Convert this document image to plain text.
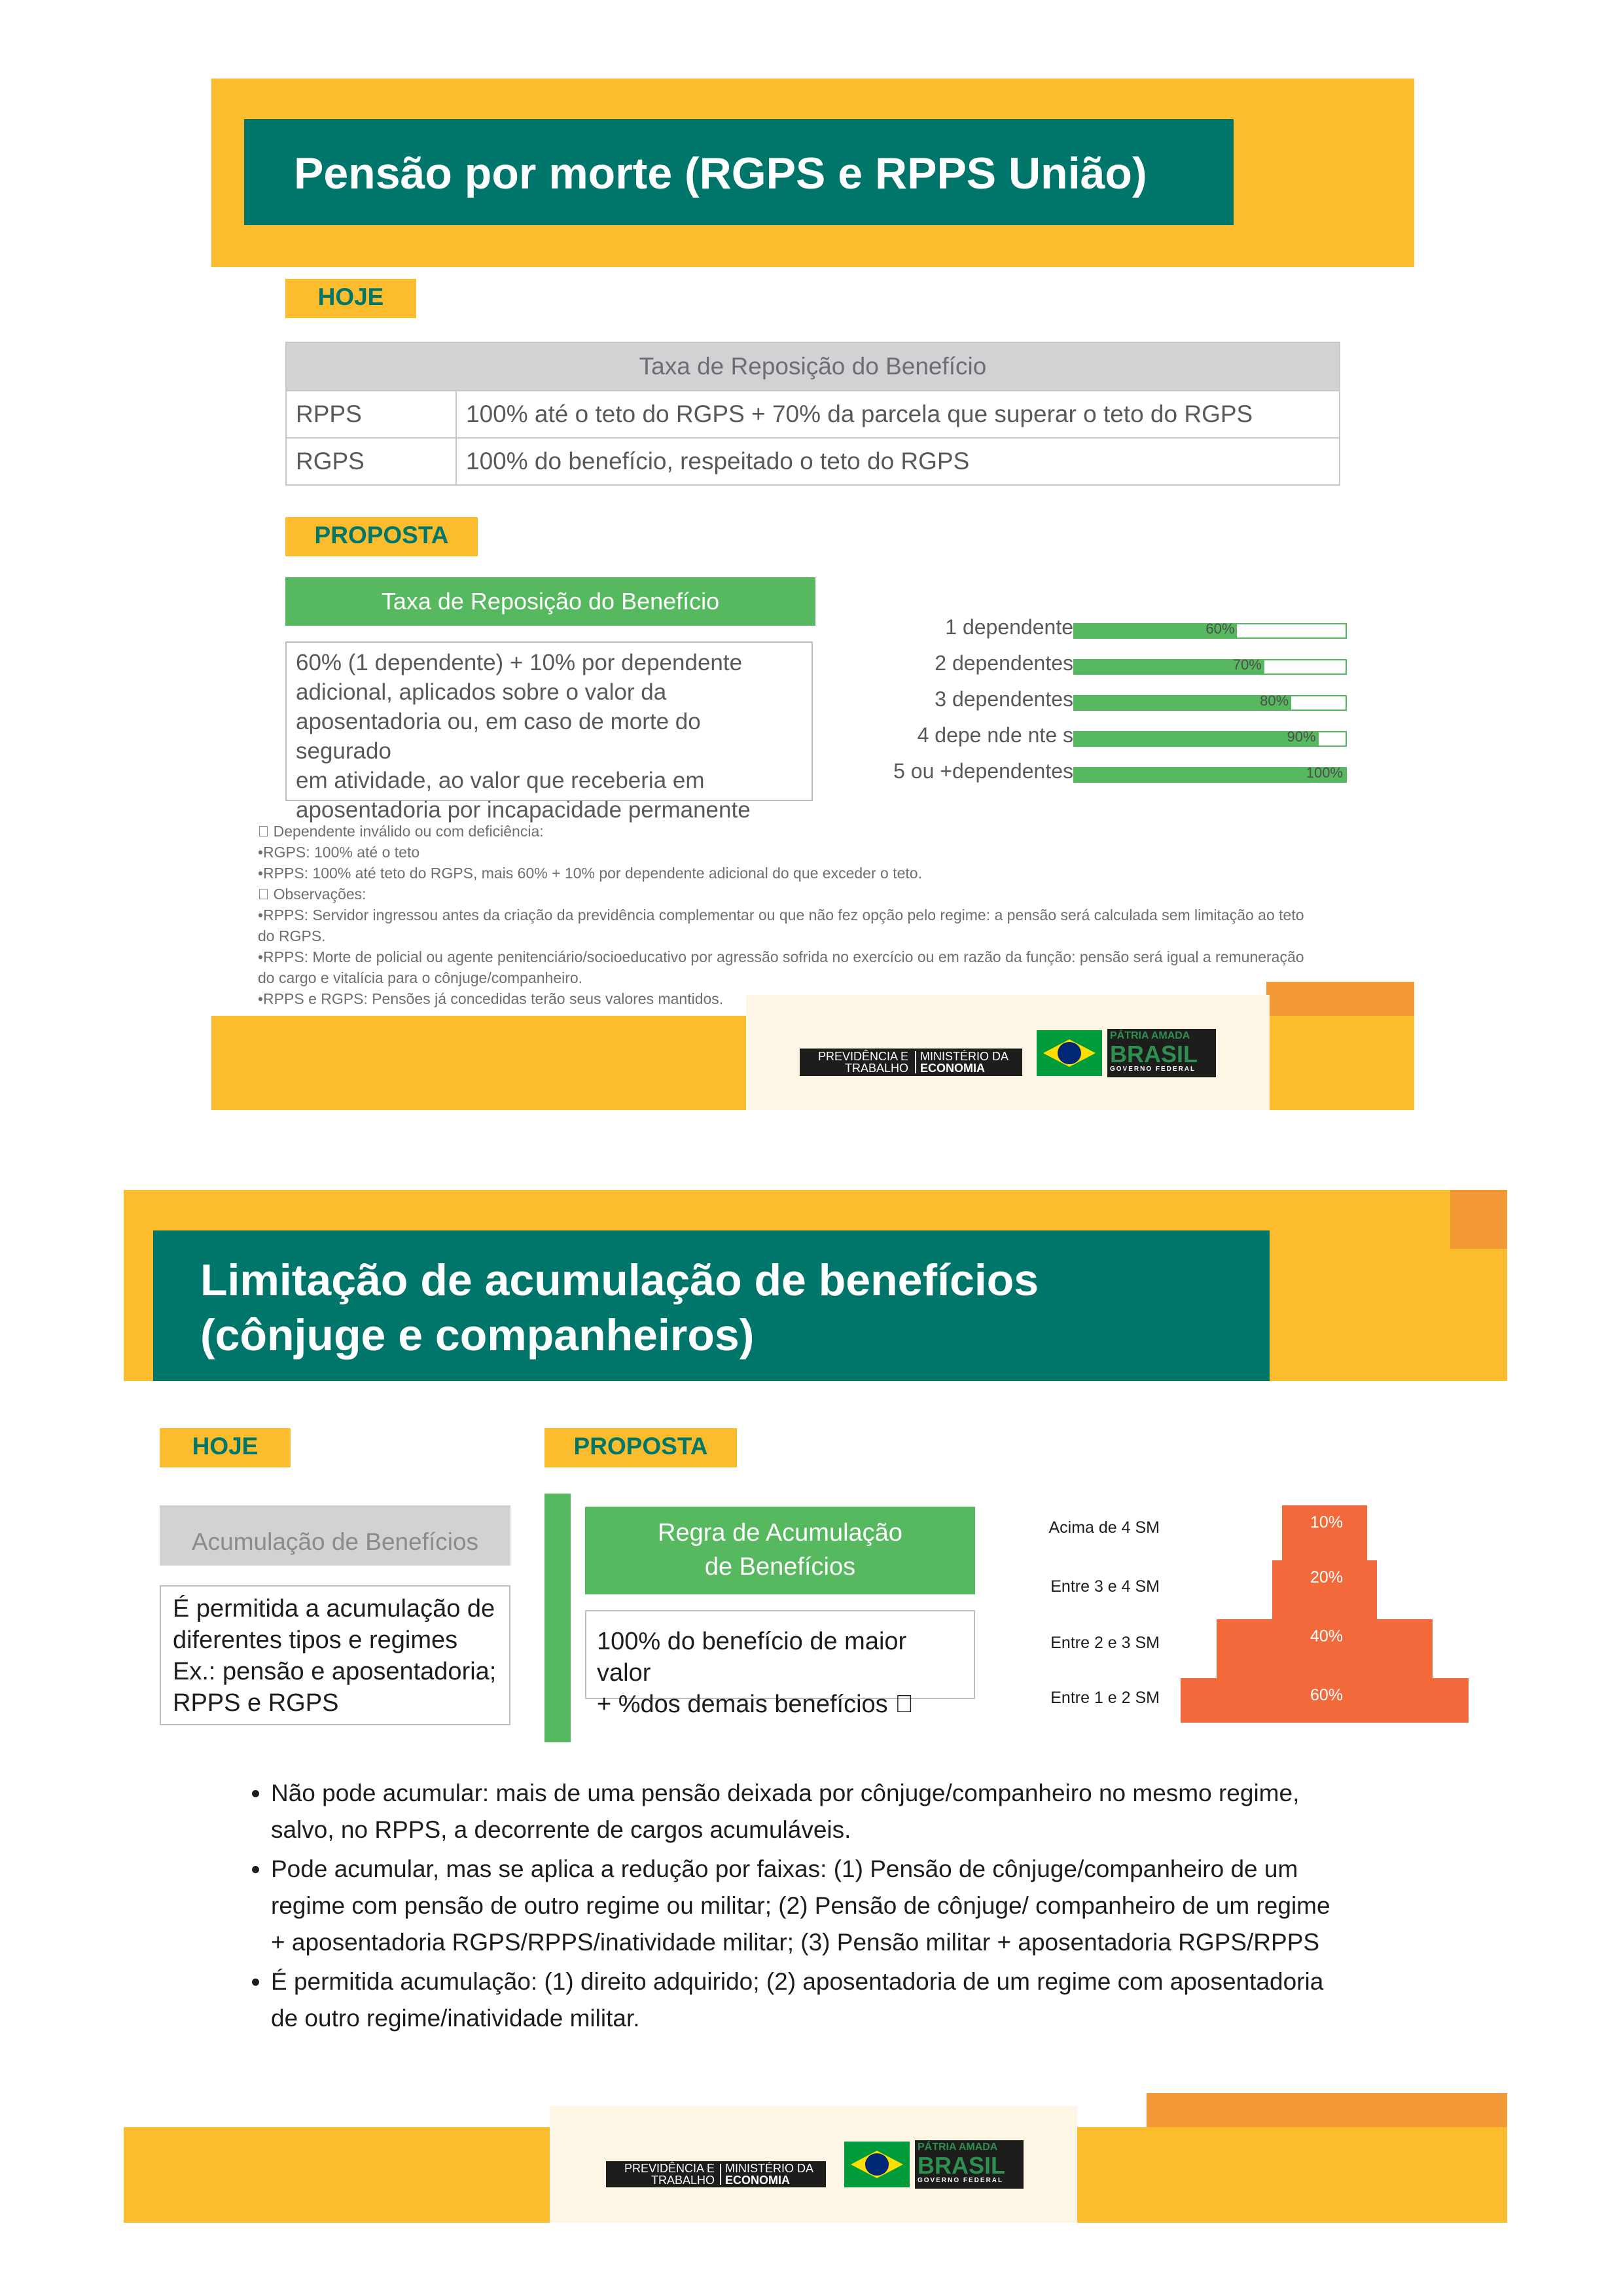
Pensão por morte (RGPS e RPPS União)
HOJE
Taxa de Reposição do Benefício	
RPPS	100% até o teto do RGPS + 70% da parcela que superar o teto do RGPS
RGPS	100% do benefício, respeitado o teto do RGPS
PROPOSTA
Taxa de Reposição do Benefício
60% (1 dependente) + 10% por dependente
adicional, aplicados sobre o valor da
aposentadoria ou, em caso de morte do segurado
em atividade, ao valor que receberia em
aposentadoria por incapacidade permanente
1 dependente	60%
2 dependentes	70%
3 dependentes	80%
4 depe nde nte s	90%
5 ou +dependentes	100%
Dependente inválido ou com deficiência:
•RGPS: 100% até o teto
•RPPS: 100% até teto do RGPS, mais 60% + 10% por dependente adicional do que exceder o teto.
Observações:
•RPPS: Servidor ingressou antes da criação da previdência complementar ou que não fez opção pelo regime: a pensão será calculada sem limitação ao teto
do RGPS.
•RPPS: Morte de policial ou agente penitenciário/socioeducativo por agressão sofrida no exercício ou em razão da função: pensão será igual a remuneração
do cargo e vitalícia para o cônjuge/companheiro.
•RPPS e RGPS: Pensões já concedidas terão seus valores mantidos.
PREVIDÊNCIA E
TRABALHO
MINISTÉRIO DA
ECONOMIA
PÁTRIA AMADA
BRASIL
GOVERNO FEDERAL
Limitação de acumulação de benefícios
(cônjuge e companheiros)
HOJE	PROPOSTA
Acumulação de Benefícios
É permitida a acumulação de
diferentes tipos e regimes
Ex.: pensão e aposentadoria;
RPPS e RGPS
Regra de Acumulação
de Benefícios
100% do benefício de maior valor
+ %dos demais benefícios
10%
Acima de 4 SM
20%
Entre 3 e 4 SM
40%
Entre 2 e 3 SM
60%
Entre 1 e 2 SM
• Não pode acumular: mais de uma pensão deixada por cônjuge/companheiro no mesmo regime, salvo, no RPPS, a decorrente de cargos acumuláveis.
• Pode acumular, mas se aplica a redução por faixas: (1) Pensão de cônjuge/companheiro de um regime com pensão de outro regime ou militar; (2) Pensão de cônjuge/ companheiro de um regime + aposentadoria RGPS/RPPS/inatividade militar; (3) Pensão militar + aposentadoria RGPS/RPPS
• É permitida acumulação: (1) direito adquirido; (2) aposentadoria de um regime com aposentadoria de outro regime/inatividade militar.
PREVIDÊNCIA E
TRABALHO
MINISTÉRIO DA
ECONOMIA
PÁTRIA AMADA
BRASIL
GOVERNO FEDERAL
